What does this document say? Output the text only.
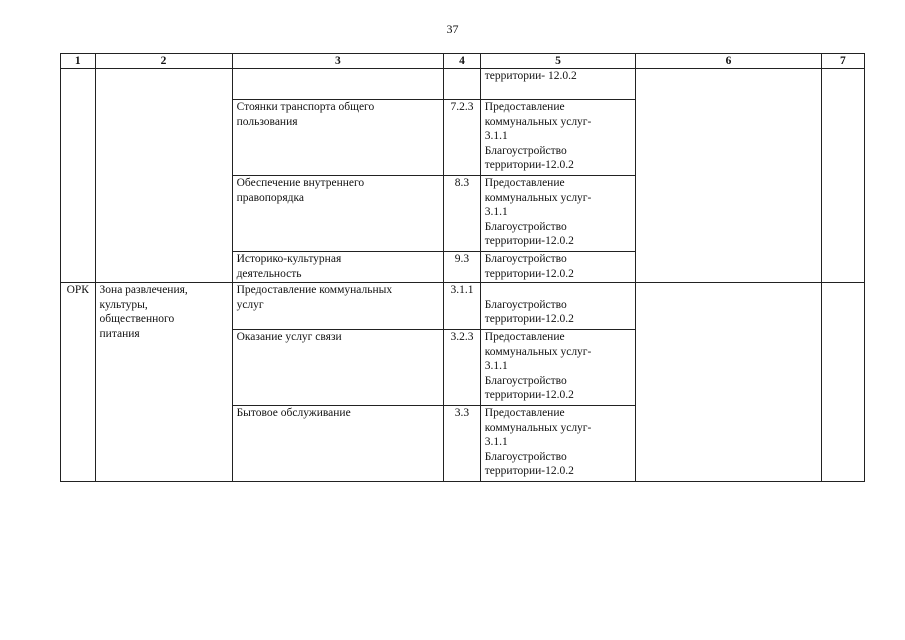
37
1	2	3	4	5	6	7

				территории- 12.0.2		

		Стоянки транспорта общего
пользования	7.2.3	Предоставление
коммунальных услуг-
3.1.1
Благоустройство
территории-12.0.2		

		Обеспечение внутреннего
правопорядка	8.3	Предоставление
коммунальных услуг-
3.1.1
Благоустройство
территории-12.0.2		

		Историко-культурная
деятельность	9.3	Благоустройство
территории-12.0.2		

ОРК	Зона развлечения,
культуры,
общественного
питания	Предоставление коммунальных
услуг	3.1.1	Благоустройство
территории-12.0.2		

		Оказание услуг связи	3.2.3	Предоставление
коммунальных услуг-
3.1.1
Благоустройство
территории-12.0.2		

		Бытовое обслуживание	3.3	Предоставление
коммунальных услуг-
3.1.1
Благоустройство
территории-12.0.2		
